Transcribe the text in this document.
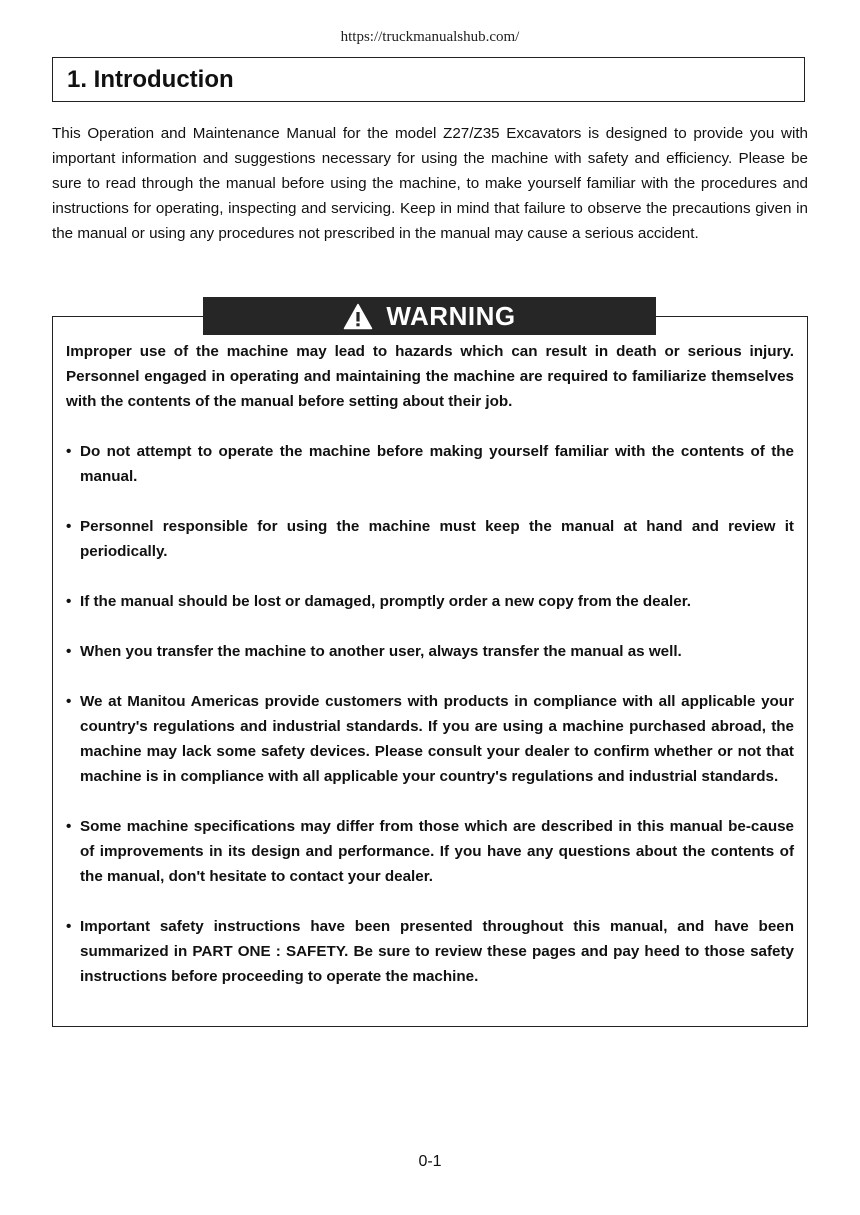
https://truckmanualshub.com/
1. Introduction

This Operation and Maintenance Manual for the model Z27/Z35 Excavators is designed to provide you with important information and suggestions necessary for using the machine with safety and efficiency. Please be sure to read through the manual before using the machine, to make yourself familiar with the procedures and instructions for operating, inspecting and servicing. Keep in mind that failure to observe the precautions given in the manual or using any procedures not prescribed in the manual may cause a serious accident.

WARNING

Improper use of the machine may lead to hazards which can result in death or serious injury. Personnel engaged in operating and maintaining the machine are required to familiarize themselves with the contents of the manual before setting about their job.

• Do not attempt to operate the machine before making yourself familiar with the contents of the manual.
• Personnel responsible for using the machine must keep the manual at hand and review it periodically.
• If the manual should be lost or damaged, promptly order a new copy from the dealer.
• When you transfer the machine to another user, always transfer the manual as well.
• We at Manitou Americas provide customers with products in compliance with all applicable your country's regulations and industrial standards. If you are using a machine purchased abroad, the machine may lack some safety devices. Please consult your dealer to confirm whether or not that machine is in compliance with all applicable your country's regulations and industrial standards.
• Some machine specifications may differ from those which are described in this manual be-cause of improvements in its design and performance. If you have any questions about the contents of the manual, don't hesitate to contact your dealer.
• Important safety instructions have been presented throughout this manual, and have been summarized in PART ONE : SAFETY. Be sure to review these pages and pay heed to those safety instructions before proceeding to operate the machine.
0-1
